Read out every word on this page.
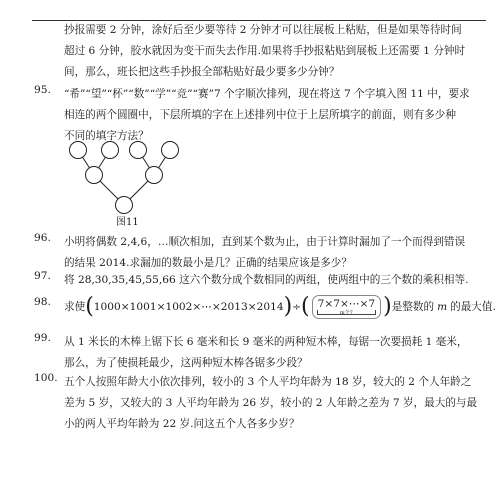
抄报需要 2 分钟，涂好后至少要等待 2 分钟才可以往展板上粘贴，但是如果等待时间
超过 6 分钟，胶水就因为变干而失去作用.如果将手抄报粘贴到展板上还需要 1 分钟时
间，那么，班长把这些手抄报全部粘贴好最少要多少分钟？
95.	“希”“望”“杯”“数”“学”“竞”“赛”7 个字顺次排列，现在将这 7 个字填入图 11 中，要求
相连的两个圆圈中，下层所填的字在上述排列中位于上层所填字的前面，则有多少种
不同的填字方法？
图11
96.	小明将偶数 2,4,6，…顺次相加，直到某个数为止，由于计算时漏加了一个而得到错误
的结果 2014.求漏加的数最小是几？正确的结果应该是多少？
97.	将 28,30,35,45,55,66 这六个数分成个数相同的两组，使两组中的三个数的乘积相等.
98.	求使 ( 1000×1001×1002×⋯×2013×2014 ) ÷ ( 7×7×⋯×7
m个7	) 是整数的 m 的最大值.
99.	从 1 米长的木棒上锯下长 6 毫米和长 9 毫米的两种短木棒，每锯一次要损耗 1 毫米，
那么，为了使损耗最少，这两种短木棒各锯多少段？
100. 五个人按照年龄大小依次排列，较小的 3 个人平均年龄为 18 岁，较大的 2 个人年龄之
差为 5 岁，又较大的 3 人平均年龄为 26 岁，较小的 2 人年龄之差为 7 岁，最大的与最
小的两人平均年龄为 22 岁.问这五个人各多少岁？
